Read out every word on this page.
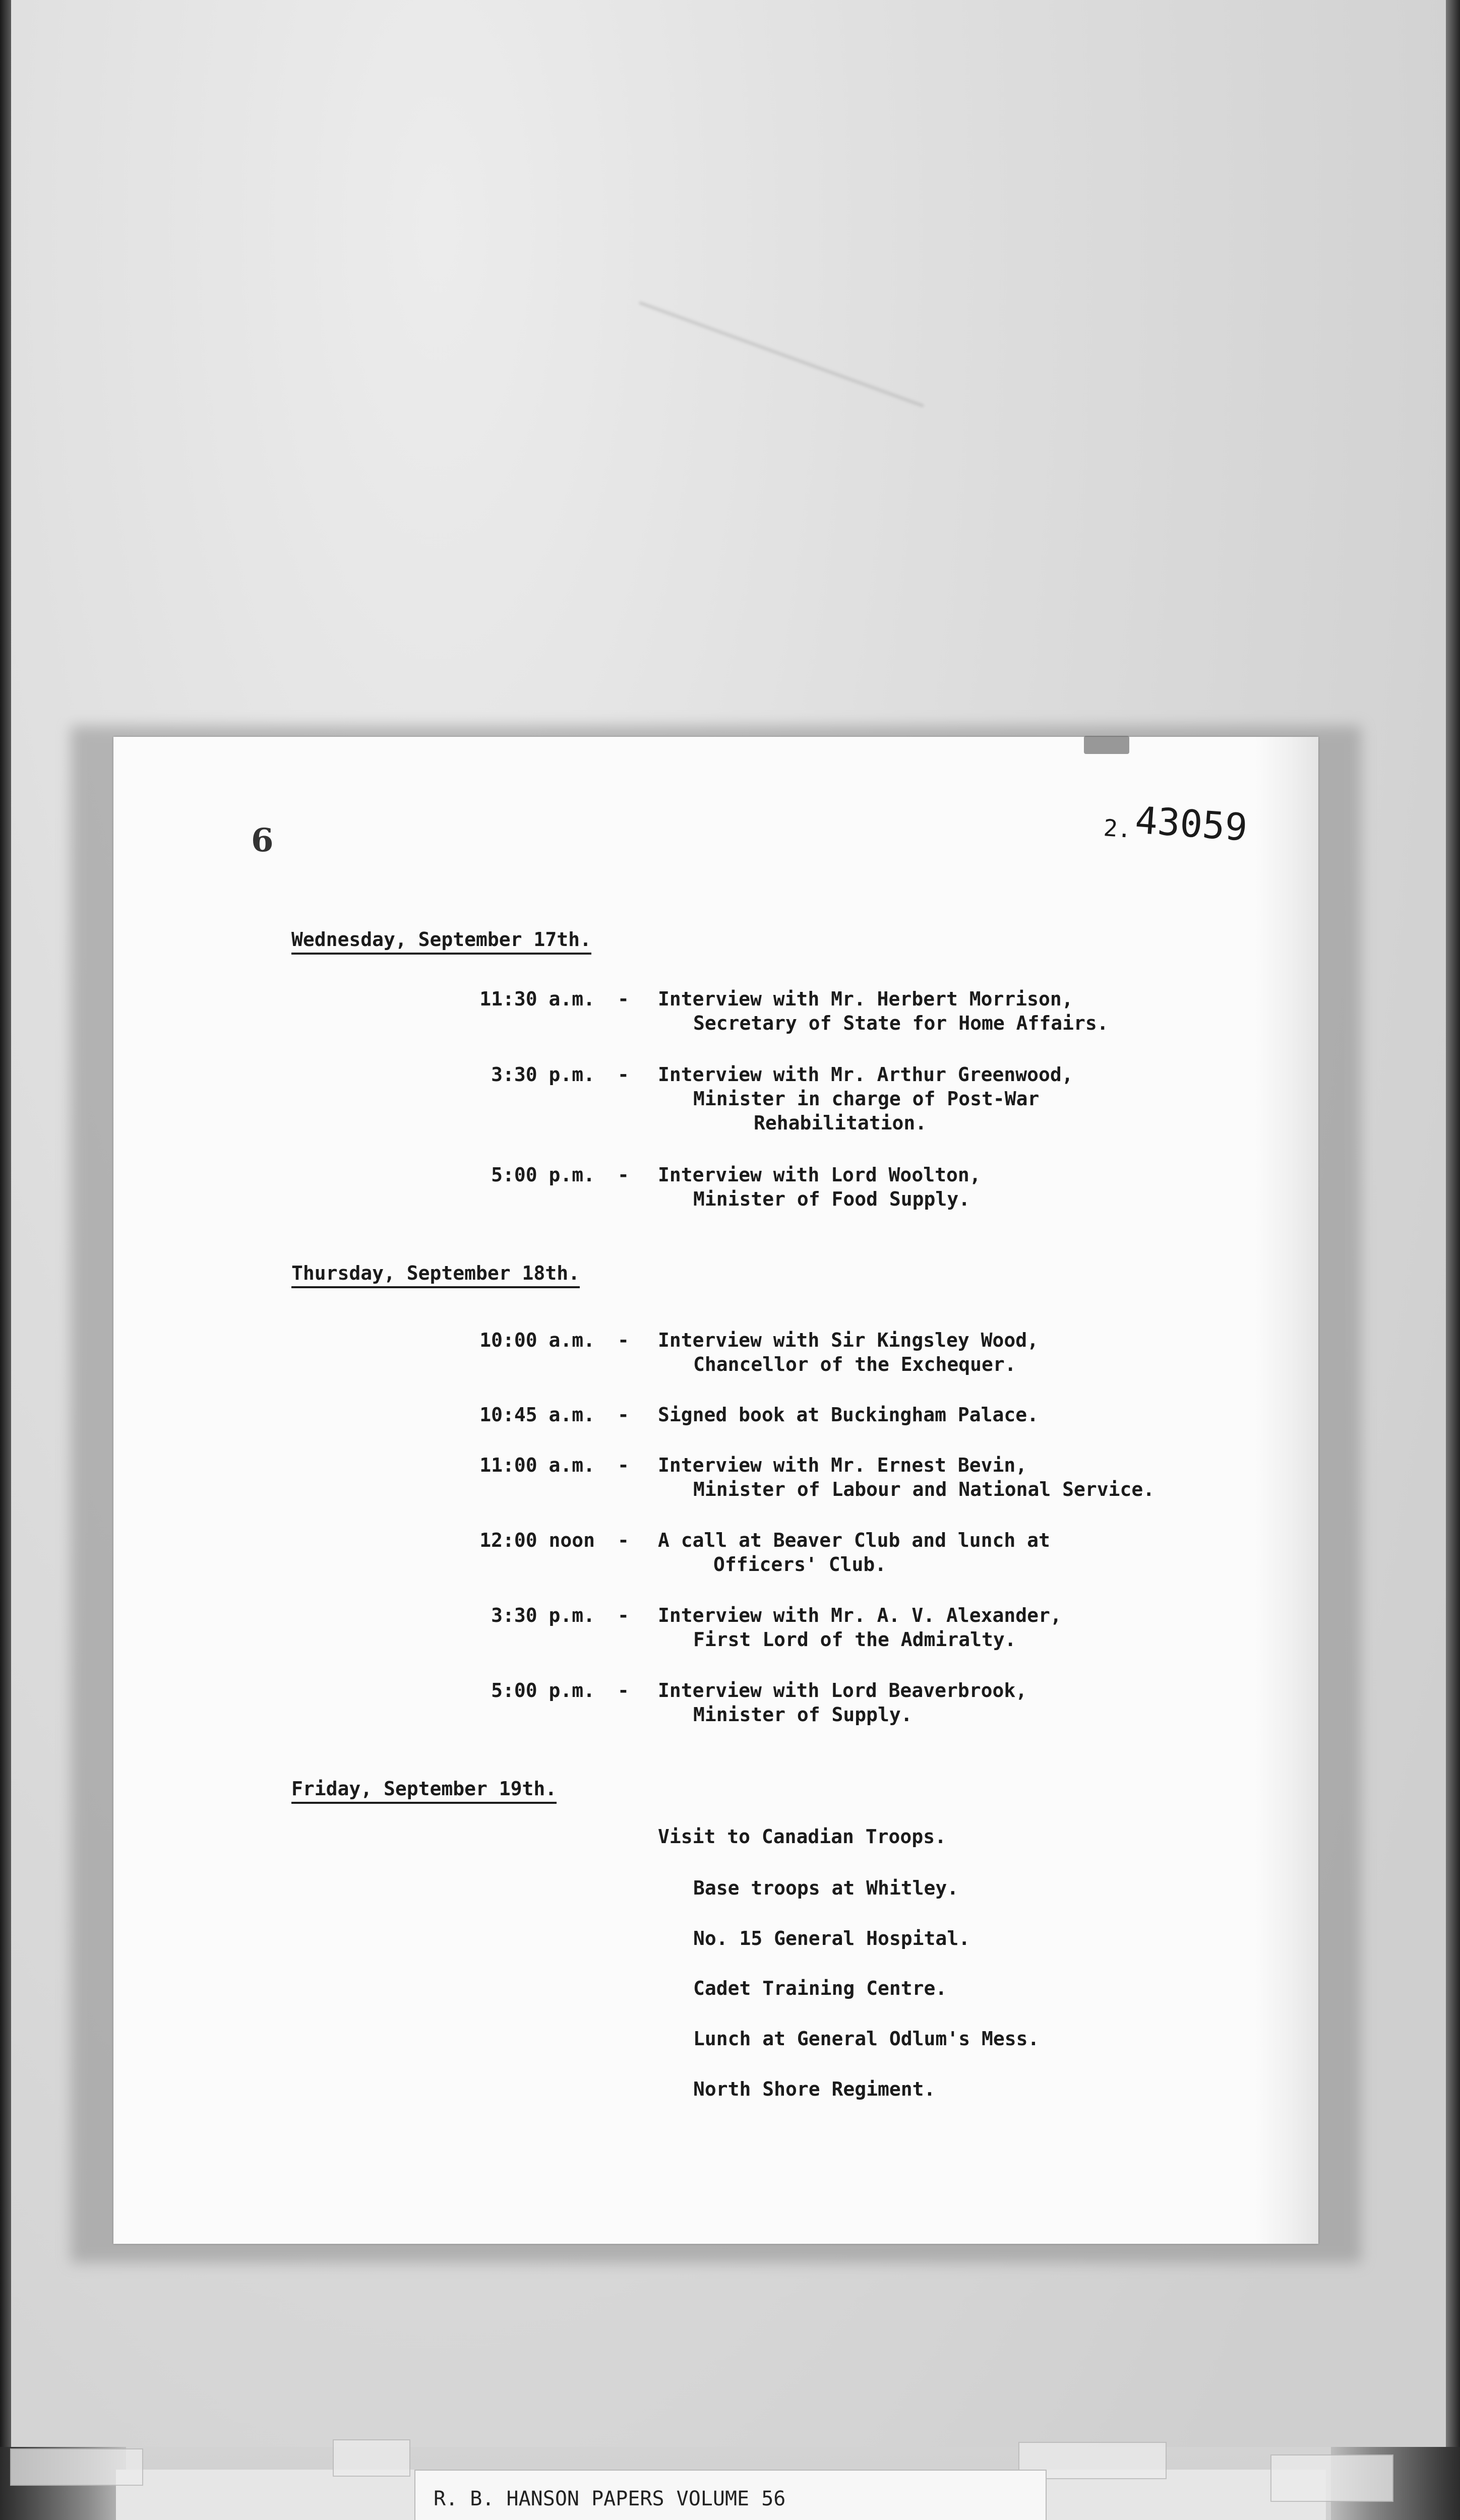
6	2.43059
Wednesday, September 17th.
11:30 a.m. - Interview with Mr. Herbert Morrison,
Secretary of State for Home Affairs.
3:30 p.m. - Interview with Mr. Arthur Greenwood,
Minister in charge of Post-War
Rehabilitation.
5:00 p.m. - Interview with Lord Woolton,
Minister of Food Supply.
Thursday, September 18th.
10:00 a.m. - Interview with Sir Kingsley Wood,
Chancellor of the Exchequer.
10:45 a.m. - Signed book at Buckingham Palace.
11:00 a.m. - Interview with Mr. Ernest Bevin,
Minister of Labour and National Service.
12:00 noon - A call at Beaver Club and lunch at
Officers' Club.
3:30 p.m. - Interview with Mr. A. V. Alexander,
First Lord of the Admiralty.
5:00 p.m. - Interview with Lord Beaverbrook,
Minister of Supply.
Friday, September 19th.
Visit to Canadian Troops.
Base troops at Whitley.
No. 15 General Hospital.
Cadet Training Centre.
Lunch at General Odlum's Mess.
North Shore Regiment.
R. B. HANSON PAPERS VOLUME 56
